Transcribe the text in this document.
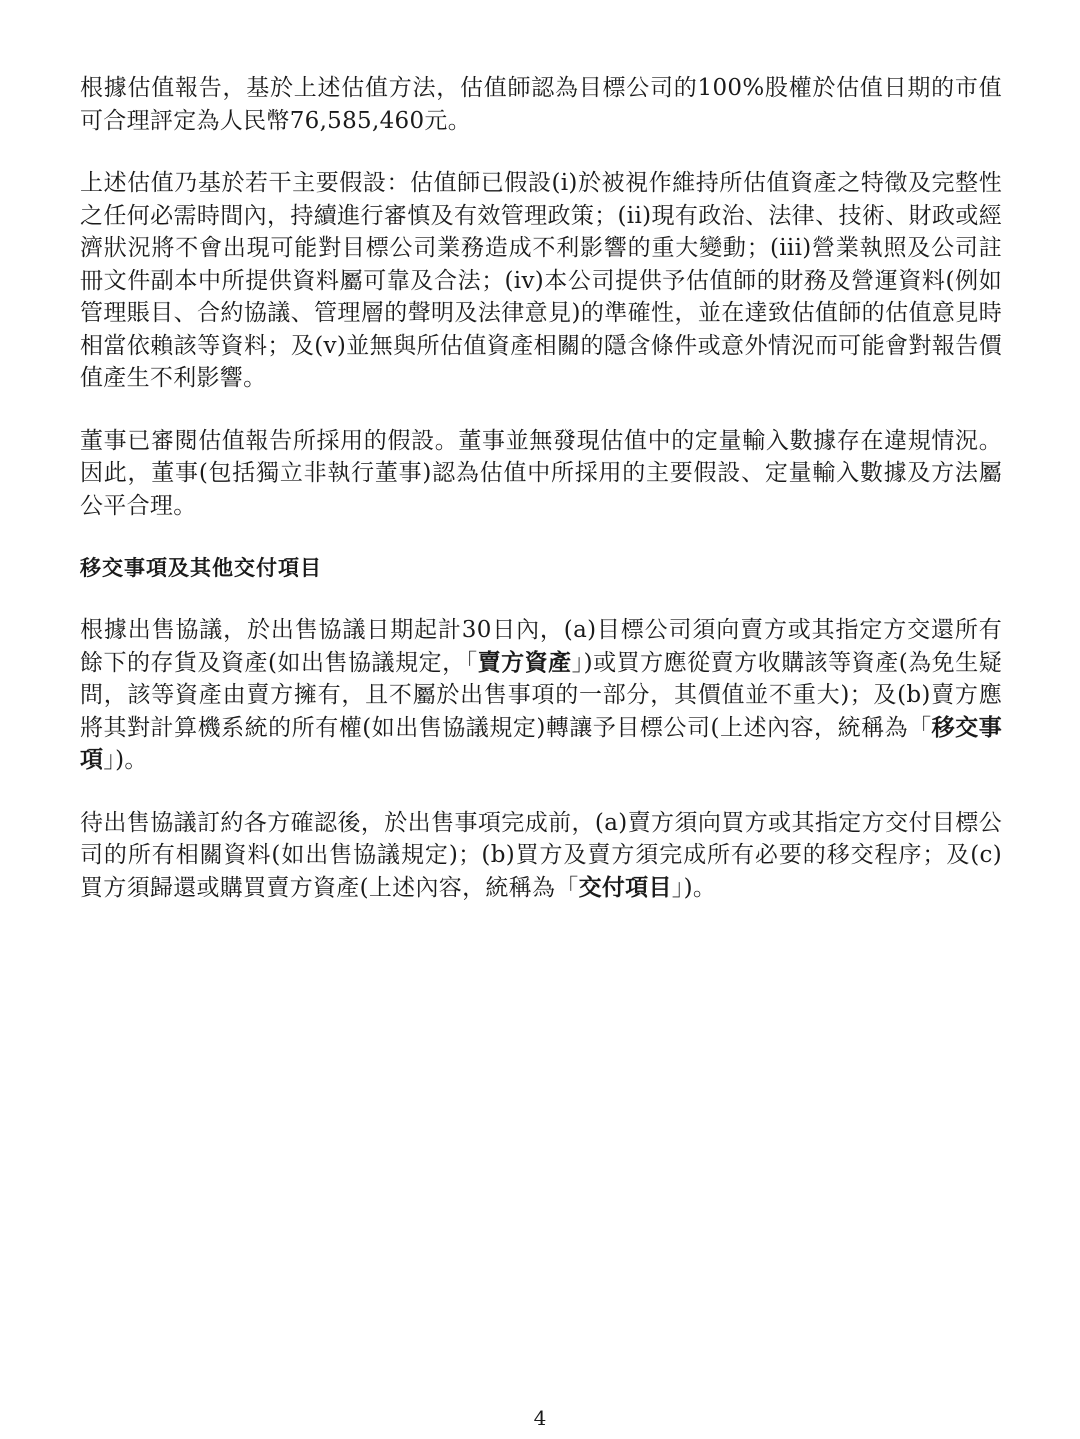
根據估值報告，基於上述估值方法，估值師認為目標公司的100%股權於估值日期的市值可合理評定為人民幣76,585,460元。

上述估值乃基於若干主要假設：估值師已假設(i)於被視作維持所估值資產之特徵及完整性之任何必需時間內，持續進行審慎及有效管理政策；(ii)現有政治、法律、技術、財政或經濟狀況將不會出現可能對目標公司業務造成不利影響的重大變動；(iii)營業執照及公司註冊文件副本中所提供資料屬可靠及合法；(iv)本公司提供予估值師的財務及營運資料(例如管理賬目、合約協議、管理層的聲明及法律意見)的準確性，並在達致估值師的估值意見時相當依賴該等資料；及(v)並無與所估值資產相關的隱含條件或意外情況而可能會對報告價值產生不利影響。

董事已審閱估值報告所採用的假設。董事並無發現估值中的定量輸入數據存在違規情況。因此，董事(包括獨立非執行董事)認為估值中所採用的主要假設、定量輸入數據及方法屬公平合理。

移交事項及其他交付項目

根據出售協議，於出售協議日期起計30日內，(a)目標公司須向賣方或其指定方交還所有餘下的存貨及資產(如出售協議規定，「賣方資產」)或買方應從賣方收購該等資產(為免生疑問，該等資產由賣方擁有，且不屬於出售事項的一部分，其價值並不重大)；及(b)賣方應將其對計算機系統的所有權(如出售協議規定)轉讓予目標公司(上述內容，統稱為「移交事項」)。

待出售協議訂約各方確認後，於出售事項完成前，(a)賣方須向買方或其指定方交付目標公司的所有相關資料(如出售協議規定)；(b)買方及賣方須完成所有必要的移交程序；及(c)買方須歸還或購買賣方資產(上述內容，統稱為「交付項目」)。

4
